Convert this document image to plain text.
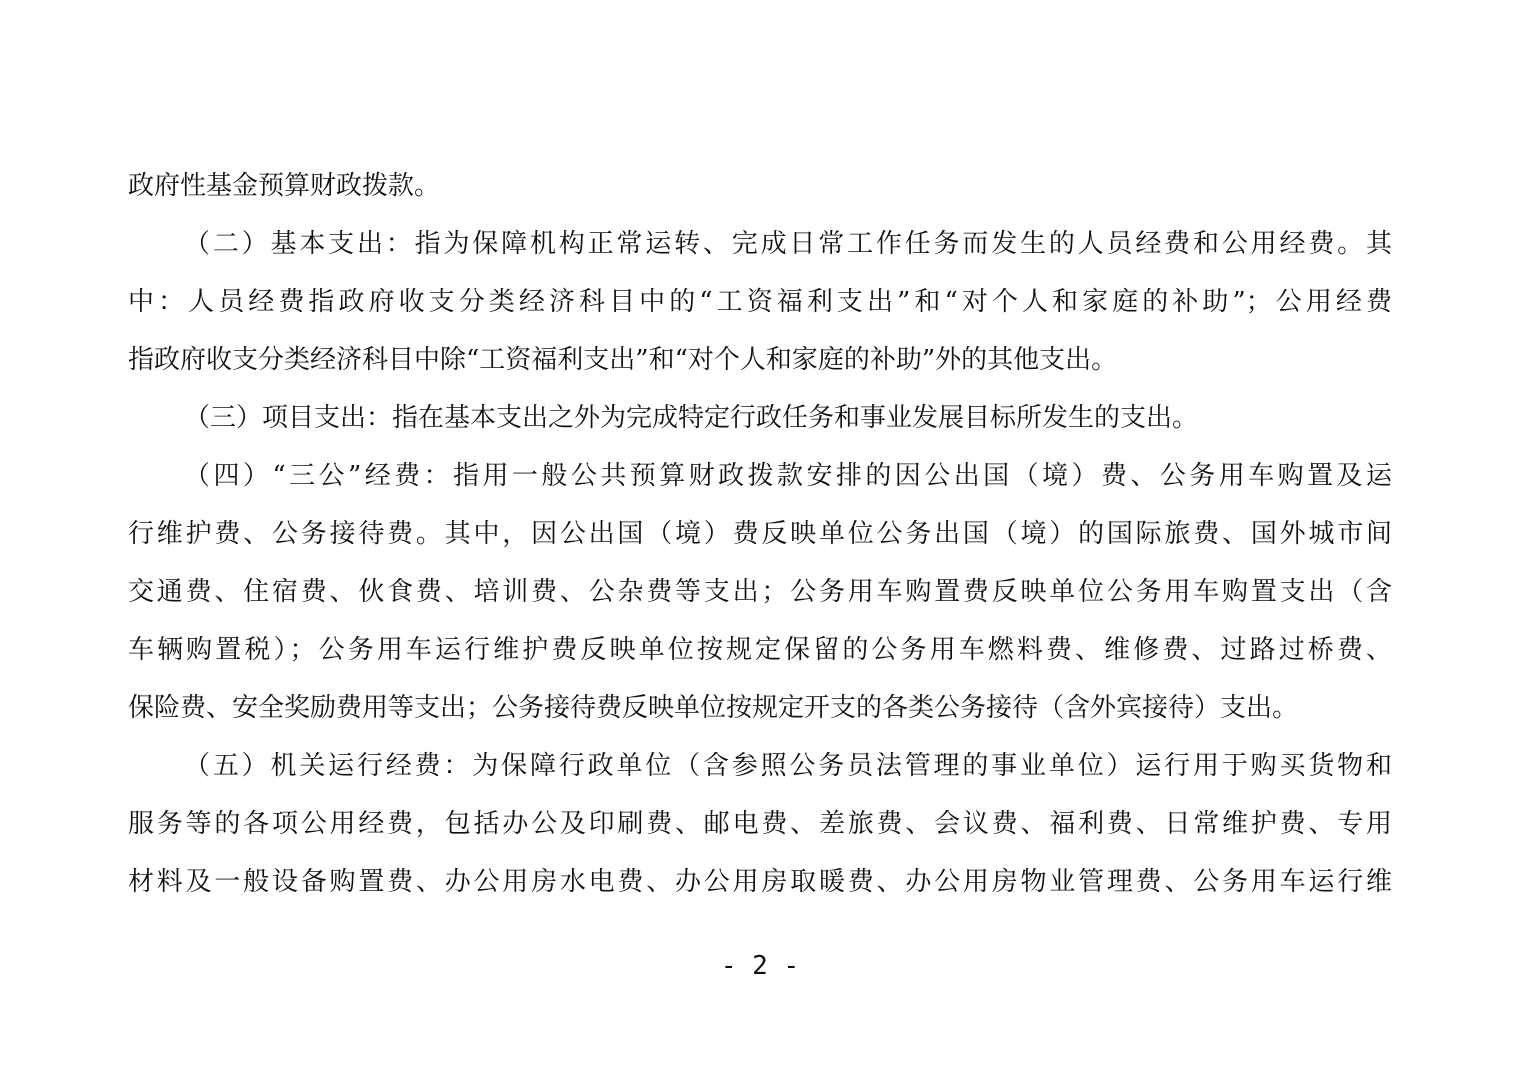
政府性基金预算财政拨款。
（二）基本支出：指为保障机构正常运转、完成日常工作任务而发生的人员经费和公用经费。其
中：人员经费指政府收支分类经济科目中的“工资福利支出”和“对个人和家庭的补助”；公用经费
指政府收支分类经济科目中除“工资福利支出”和“对个人和家庭的补助”外的其他支出。
（三）项目支出：指在基本支出之外为完成特定行政任务和事业发展目标所发生的支出。
（四）“三公”经费：指用一般公共预算财政拨款安排的因公出国（境）费、公务用车购置及运
行维护费、公务接待费。其中，因公出国（境）费反映单位公务出国（境）的国际旅费、国外城市间
交通费、住宿费、伙食费、培训费、公杂费等支出；公务用车购置费反映单位公务用车购置支出（含
车辆购置税）；公务用车运行维护费反映单位按规定保留的公务用车燃料费、维修费、过路过桥费、
保险费、安全奖励费用等支出；公务接待费反映单位按规定开支的各类公务接待（含外宾接待）支出。
（五）机关运行经费：为保障行政单位（含参照公务员法管理的事业单位）运行用于购买货物和
服务等的各项公用经费，包括办公及印刷费、邮电费、差旅费、会议费、福利费、日常维护费、专用
材料及一般设备购置费、办公用房水电费、办公用房取暖费、办公用房物业管理费、公务用车运行维
- 2 -
